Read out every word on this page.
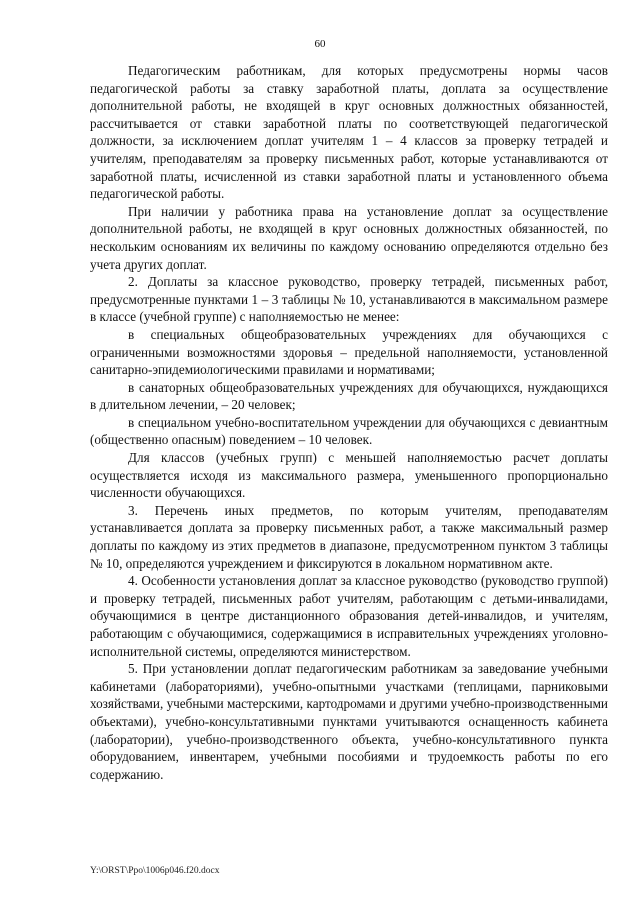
60

Педагогическим работникам, для которых предусмотрены нормы часов педагогической работы за ставку заработной платы, доплата за осуществление дополнительной работы, не входящей в круг основных должностных обязанностей, рассчитывается от ставки заработной платы по соответствующей педагогической должности, за исключением доплат учителям 1 – 4 классов за проверку тетрадей и учителям, преподавателям за проверку письменных работ, которые устанавливаются от заработной платы, исчисленной из ставки заработной платы и установленного объема педагогической работы.

При наличии у работника права на установление доплат за осуществление дополнительной работы, не входящей в круг основных должностных обязанностей, по нескольким основаниям их величины по каждому основанию определяются отдельно без учета других доплат.

2. Доплаты за классное руководство, проверку тетрадей, письменных работ, предусмотренные пунктами 1 – 3 таблицы № 10, устанавливаются в максимальном размере в классе (учебной группе) с наполняемостью не менее:

в специальных общеобразовательных учреждениях для обучающихся с ограниченными возможностями здоровья – предельной наполняемости, установленной санитарно-эпидемиологическими правилами и нормативами;

в санаторных общеобразовательных учреждениях для обучающихся, нуждающихся в длительном лечении, – 20 человек;

в специальном учебно-воспитательном учреждении для обучающихся с девиантным (общественно опасным) поведением – 10 человек.

Для классов (учебных групп) с меньшей наполняемостью расчет доплаты осуществляется исходя из максимального размера, уменьшенного пропорционально численности обучающихся.

3. Перечень иных предметов, по которым учителям, преподавателям устанавливается доплата за проверку письменных работ, а также максимальный размер доплаты по каждому из этих предметов в диапазоне, предусмотренном пунктом 3 таблицы № 10, определяются учреждением и фиксируются в локальном нормативном акте.

4. Особенности установления доплат за классное руководство (руководство группой) и проверку тетрадей, письменных работ учителям, работающим с детьми-инвалидами, обучающимися в центре дистанционного образования детей-инвалидов, и учителям, работающим с обучающимися, содержащимися в исправительных учреждениях уголовно-исполнительной системы, определяются министерством.

5. При установлении доплат педагогическим работникам за заведование учебными кабинетами (лабораториями), учебно-опытными участками (теплицами, парниковыми хозяйствами, учебными мастерскими, картодромами и другими учебно-производственными объектами), учебно-консультативными пунктами учитываются оснащенность кабинета (лаборатории), учебно-производственного объекта, учебно-консультативного пункта оборудованием, инвентарем, учебными пособиями и трудоемкость работы по его содержанию.

Y:\ORST\Ppo\1006p046.f20.docx
